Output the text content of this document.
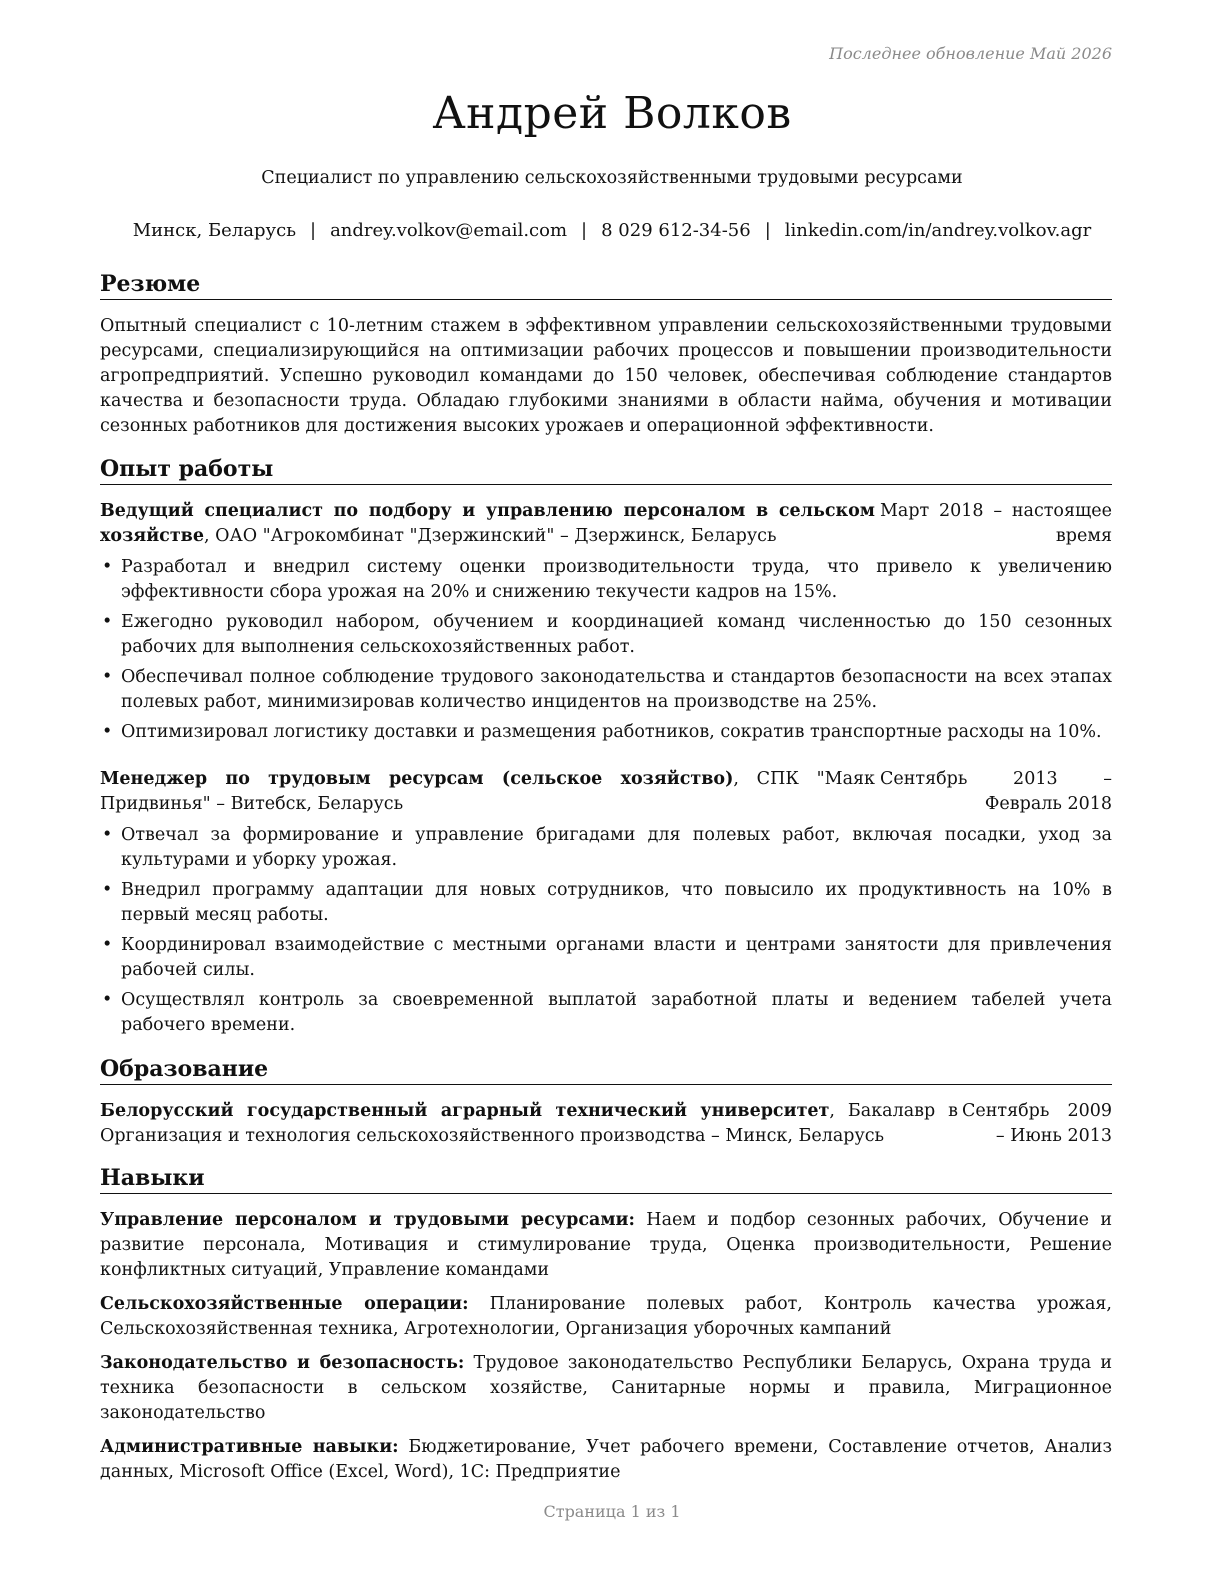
Последнее обновление Май 2026
Андрей Волков
Специалист по управлению сельскохозяйственными трудовыми ресурсами
Минск, Беларусь | andrey.volkov@email.com | 8 029 612-34-56 | linkedin.com/in/andrey.volkov.agr
Резюме
Опытный специалист с 10-летним стажем в эффективном управлении сельскохозяйственными трудовыми ресурсами, специализирующийся на оптимизации рабочих процессов и повышении производительности агропредприятий. Успешно руководил командами до 150 человек, обеспечивая соблюдение стандартов качества и безопасности труда. Обладаю глубокими знаниями в области найма, обучения и мотивации сезонных работников для достижения высоких урожаев и операционной эффективности.
Опыт работы
Ведущий специалист по подбору и управлению персоналом в сельском хозяйстве, ОАО "Агрокомбинат "Дзержинский" – Дзержинск, Беларусь
Март 2018 – настоящее время
• Разработал и внедрил систему оценки производительности труда, что привело к увеличению эффективности сбора урожая на 20% и снижению текучести кадров на 15%.
• Ежегодно руководил набором, обучением и координацией команд численностью до 150 сезонных рабочих для выполнения сельскохозяйственных работ.
• Обеспечивал полное соблюдение трудового законодательства и стандартов безопасности на всех этапах полевых работ, минимизировав количество инцидентов на производстве на 25%.
• Оптимизировал логистику доставки и размещения работников, сократив транспортные расходы на 10%.
Менеджер по трудовым ресурсам (сельское хозяйство), СПК "Маяк Придвинья" – Витебск, Беларусь
Сентябрь 2013 – Февраль 2018
• Отвечал за формирование и управление бригадами для полевых работ, включая посадки, уход за культурами и уборку урожая.
• Внедрил программу адаптации для новых сотрудников, что повысило их продуктивность на 10% в первый месяц работы.
• Координировал взаимодействие с местными органами власти и центрами занятости для привлечения рабочей силы.
• Осуществлял контроль за своевременной выплатой заработной платы и ведением табелей учета рабочего времени.
Образование
Белорусский государственный аграрный технический университет, Бакалавр в Организация и технология сельскохозяйственного производства – Минск, Беларусь
Сентябрь 2009 – Июнь 2013
Навыки
Управление персоналом и трудовыми ресурсами: Наем и подбор сезонных рабочих, Обучение и развитие персонала, Мотивация и стимулирование труда, Оценка производительности, Решение конфликтных ситуаций, Управление командами
Сельскохозяйственные операции: Планирование полевых работ, Контроль качества урожая, Сельскохозяйственная техника, Агротехнологии, Организация уборочных кампаний
Законодательство и безопасность: Трудовое законодательство Республики Беларусь, Охрана труда и техника безопасности в сельском хозяйстве, Санитарные нормы и правила, Миграционное законодательство
Административные навыки: Бюджетирование, Учет рабочего времени, Составление отчетов, Анализ данных, Microsoft Office (Excel, Word), 1С: Предприятие
Страница 1 из 1
